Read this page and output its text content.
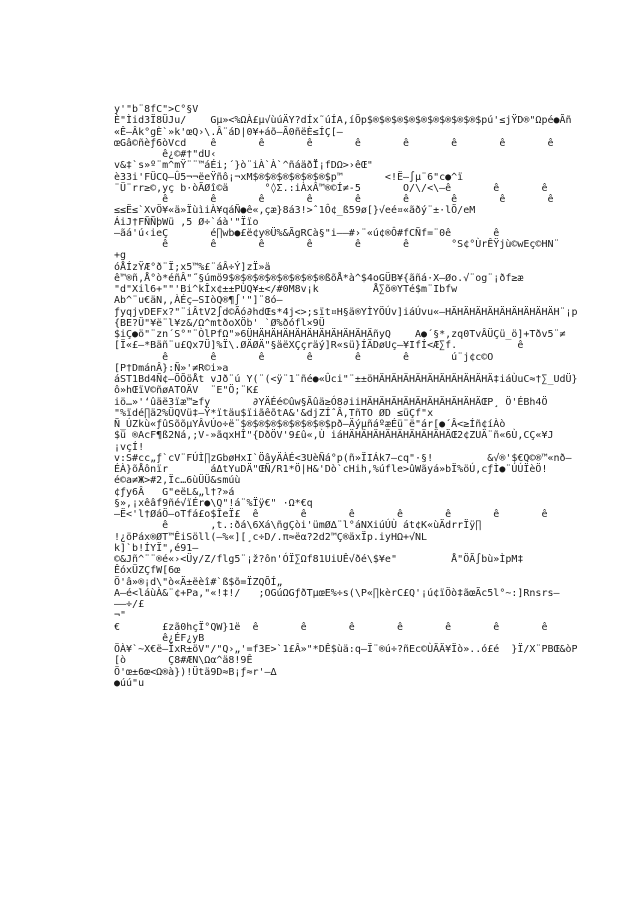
y'"b¨8fC">C°§V
È"Ìid3Ï8ÜJu/    Gµ»<%ΩÀ£µ√ùúÄY?dÍx˜úÍA,íÕp$®$®$®$®$®$®$®$®$®$pú'≤jŸD®"Ωpé●Ãñ
«Ê–Âk°gÈ`»k'œQ›\.Â¨áD|0¥+áõ–Ã0ñëÈ≤ÍÇ[–
œGâ©ñèƒ6òVcd    ê       ê       ê       ê       ê       ê       ê       ê
ê¿©#†"dU‹
v&‡`s»º¨m^mŸ¨¨™áÉi;´}ò¨iÀ`À`^ñáäð̄Ï¡fDΩ>›êŒ"
è33i'FÜCQ–Û5¬¬ëeŸñô¡¬xM$®$®$®$®$®$®$p™       <!Ë–∫µ¨6"c●^ï
¨Ü¨rr≥©,yç b·òÃØî©ä      °◊Σ.:iÀxÂ™®©Í≠-5       O/\/<\–ê       ê       ê
ê       ê       ê       ê       ê       ê       ê       ê       ê
≤≤Ë≤`XvÖ¥«ä»ÏùìiÀ¥qáÑ●ê«,çæ}8á3!>ˆ1Ô¢_ß59ø[}√eé¤«ãðý¨±·lÕ/eM
ÁiJ†FÑÑþWü ,5 Ø÷`áà'"Ïïo
–ãá'ú‹ieÇ       é∏wb●£ë¢y®Ü%&ÃgRCà§"i––#›¨«ú¢®Ô#fCÑf=¨0ê       ê
ê       ê       ê       ê       ê       ê       °S¢°ÙrÊŸjù©wEç©HN¨
+g
óÅÍzŸÆ°ð¨Ï;x5™%£¨áÂ÷Ý]zÏ»ä
ê™®ñ,Å°ò*éñÂ"˝§úmö9$®$®$®$®$®$®$®$®ßõÅ*à^$4oGÜB¥{ãñá·X–Øo.√¨og¨¡ðf≥æ
"d"Xil6+""'Bi^kÎx¢±±PÙQ¥±</#0M8v¡k         Å∑õ®YTé$m¨Ibfw
Ab^¨u€äN,,ÀÉç–SIòQ®¶∫'"]¨8ó–
ƒyqjvDEFx?"¨iÂtV2∫d©Ãó∂hdŒs*4j<>;sït¤H§ä®YÌYÖÚv]iáÚvu«–HÄHÄHÄHÄHÄHÄHÄHÄHÄH¨¡p
{BE?Ü"¥ë¨l¥z&/Ω^mtðoXÖb' `Ø%ðófl×9Ü
$iÇ●ö"¨zn´S°"¨ÒlPfΩ"»6ÜHÄHÄHÄHÄHÄHÄHÄHÄHÄHÄñyQ    A●´§*,zq0TvÂÜÇü_ö]+Tðv5¨≠
[Ï«£–*Bäñ¨u£Qx7Ü]%Ï\.ØÄØÄ"§äëXÇçräý]R«sü}ÍÄDøUç–¥IfÍ<Æ∑f.          ê
ê       ê       ê       ê       ê       ê       ú¨j¢c©O
[P†DmánÂ}:Ñ»'≠R©i»a
áST1Bd4Ñ¢–ÕÕöÅt vJð¨ú Y(¨(<ÿ¨1¨ñé●«Ûci"¨±±öHÄHÄHÄHÄHÄHÄHÄHÄHÄHÄ‡iáÙuC≈†∑_UdÜ}
ô»hŒïV©ñøATOÄV  ¨E"Ö;¨K£
iö…»'‘ûäë3ïæ™≥fy       ∂YÄÉé©ûw§Ãûä≥Ó8∂iiHÄHÄHÄHÄHÄHÄHÄHÄHÄHÄŒP¸ Ö'ÉBh4Ö
"%ïdé∏ä2%ÜQVü‡–Ÿ*ïtäu$ïiãêõtA&'&djZÍˆÂ,TñTO ØD ≤üÇf"x
Ñ_ÚZkù«ƒûSõõµYÂvÚo÷ë¨$®$®$®$®$®$®$®$pð–ÄýµñáºæÉü¨ë"ár[●´Â<≥Íñ¢íÀò
$ü ®AcF¶ß2Ná,;V-»ãqxHÎ"{DðÖV'9£û«,Ù iáHÄHÄHÄHÄHÄHÄHÄHÄHÄŒ2¢ZUÄ¨ñ«6Ù,CÇ«¥J
¡vçÍ!
v:S#cc„ƒ`cV¨FÚÌ∏zGbøHxI`ÖâyÄÀÉ<3UèÑá°p(ñ»ÏIÁk7–cq"·§!         &√®'$€Q©®™«nð–
ÉÀ}õÅônïr       áΔtYuDÄ"ŒÑ/R1*Ö|H&'Dò`cHih,%úfle>ûWãyá»bÏ%öÚ,cƒÌ●¨ÚÚÏèÖ!
é©a≠Ж>#2,Ïc…6ùÜÜ&smúù
¢ƒy6Â   G"eëL&„l†?»á
§»,¡xêâf9ñé√ïÉr●\Q"!á¨%Ïÿ€" ·Ω*€q
–Ë<'l†ØáÖ–oTfá£o$ÎeÏ£  ê       ê       ê       ê       ê       ê       ê
ê       ,t.:ðá\6Xá\ñgÇòi'ümØ∆¨l°áNXiúÚÙ át¢K«ùÄdrrÏÿ∏
!¿öPáx®ØT™ÊiSöll(–%«][¸c÷D/.π≈ëα?2d2™Ç®äxÏp.iyHΩ+√NL
k]`b!ÍYÏ",é91–
©&Jñ^¨¨®é«›<Üy/Z/flg5¨¡ž?ôn'ÓÏ∑Ωf81UiUÊ√ðé\$¥e"         Å"ÖÃ∫bù»ÌpM‡
ÊóxÜZÇfW[6œ
Ö'â»®¡d\"ò«Ä±ëèî#`ß$õ=ÏZQÕÍ„
A–é<láùÀ&¨¢+Pa,"«!‡!/   ;OGúΩGƒðTµœE%÷s(\P«∏kèrC£Q'¡ú¢ïÖò‡ãœÃc5l°~:]Rnsrs–
—–÷/£
¬"
€       £zã0hçÏ°QW}1ë  ê       ê       ê       ê       ê       ê       ê
ê¿ÉF¿yB
ÖÀ¥`~X€ë–ÎxR±öV"/"Q›„'=f3E>`1£Â»"*DÊ$ùä:q–Ï¨®ú÷?ñEc©ÙÃÄ¥Ïò»..ó£é  }Ï/X¨PBŒ&òP
[ò       Ç8#ÆN\Ωα^ä8!9Ê
Ö'œ±6œ<Ω®à})!Ütä9D≈B¡ƒ≈r'–∆
●úú"u
